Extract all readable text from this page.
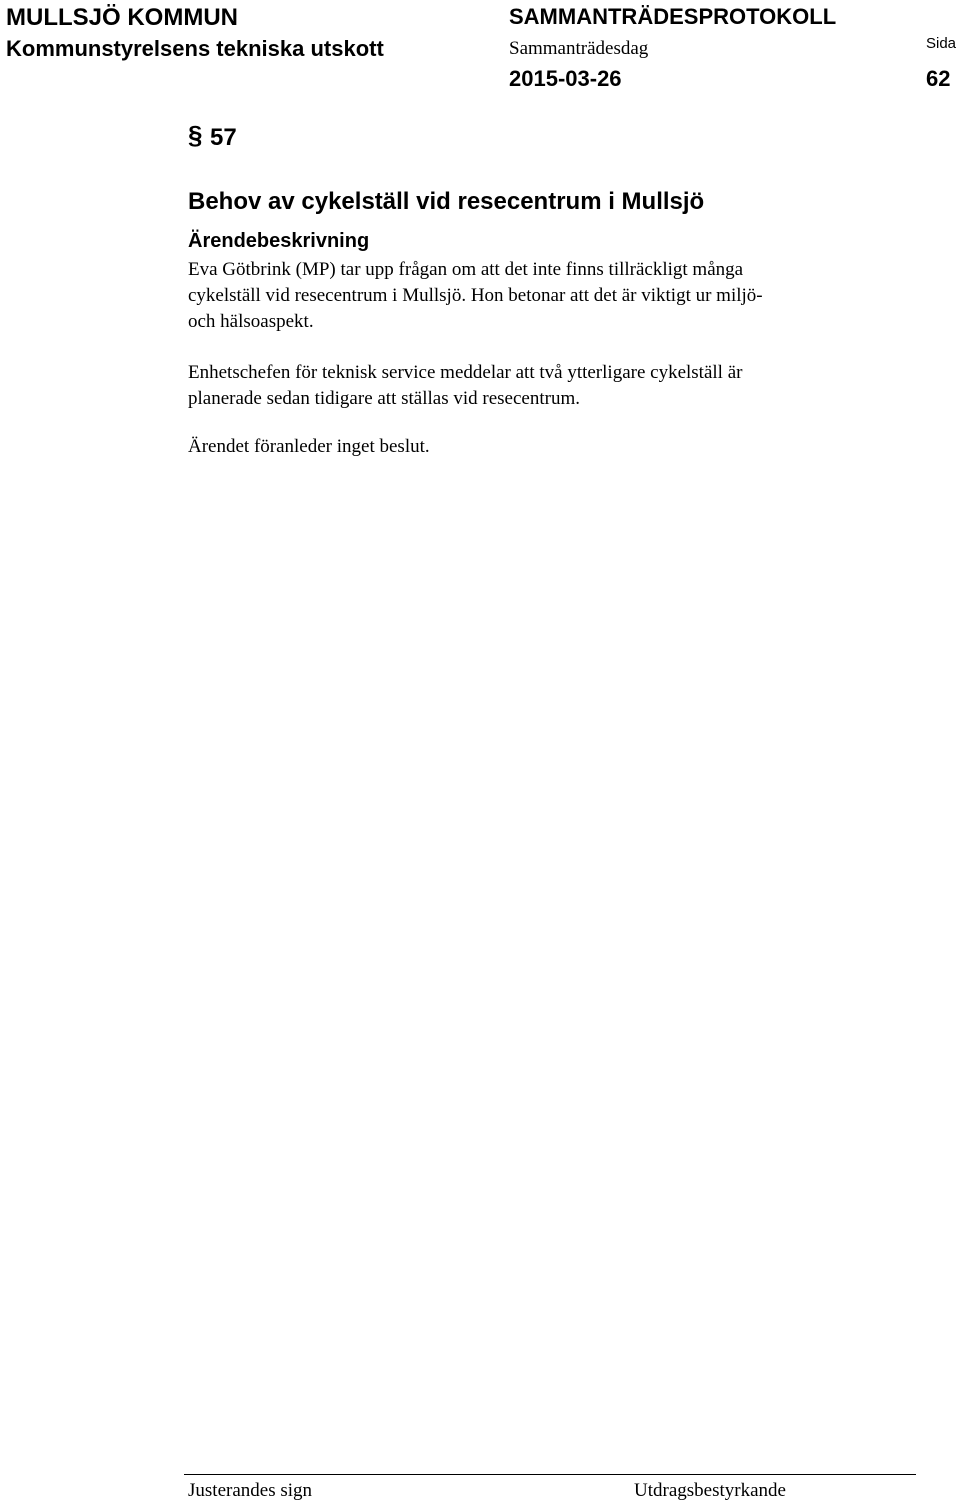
MULLSJÖ KOMMUN
Kommunstyrelsens tekniska utskott
SAMMANTRÄDESPROTOKOLL
Sammanträdesdag
2015-03-26
Sida
62
§ 57
Behov av cykelställ vid resecentrum i Mullsjö
Ärendebeskrivning

Eva Götbrink (MP) tar upp frågan om att det inte finns tillräckligt många
cykelställ vid resecentrum i Mullsjö. Hon betonar att det är viktigt ur miljö-
och hälsoaspekt.

Enhetschefen för teknisk service meddelar att två ytterligare cykelställ är
planerade sedan tidigare att ställas vid resecentrum.

Ärendet föranleder inget beslut.

Justerandes sign	Utdragsbestyrkande
